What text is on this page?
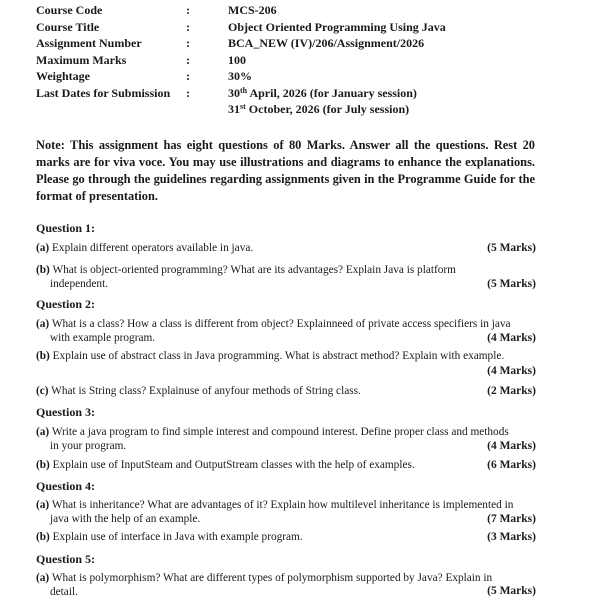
Course Code	:	MCS-206
Course Title	:	Object Oriented Programming Using Java
Assignment Number	:	BCA_NEW (IV)/206/Assignment/2026
Maximum Marks	:	100
Weightage	:	30%
Last Dates for Submission :	30th April, 2026 (for January session)
31st October, 2026 (for July session)

Note: This assignment has eight questions of 80 Marks. Answer all the questions. Rest 20 marks are for viva voce. You may use illustrations and diagrams to enhance the explanations. Please go through the guidelines regarding assignments given in the Programme Guide for the format of presentation.

Question 1:
(a) Explain different operators available in java.	(5 Marks)
(b) What is object-oriented programming? What are its advantages? Explain Java is platform
independent.	(5 Marks)
Question 2:
(a) What is a class? How a class is different from object? Explainneed of private access specifiers in java
with example program.	(4 Marks)
(b) Explain use of abstract class in Java programming. What is abstract method? Explain with example.
(4 Marks)
(c) What is String class? Explainuse of anyfour methods of String class.	(2 Marks)
Question 3:
(a) Write a java program to find simple interest and compound interest. Define proper class and methods
in your program.	(4 Marks)
(b) Explain use of InputSteam and OutputStream classes with the help of examples.	(6 Marks)
Question 4:
(a) What is inheritance? What are advantages of it? Explain how multilevel inheritance is implemented in
java with the help of an example.	(7 Marks)
(b) Explain use of interface in Java with example program.	(3 Marks)
Question 5:
(a) What is polymorphism? What are different types of polymorphism supported by Java? Explain in
detail.	(5 Marks)
